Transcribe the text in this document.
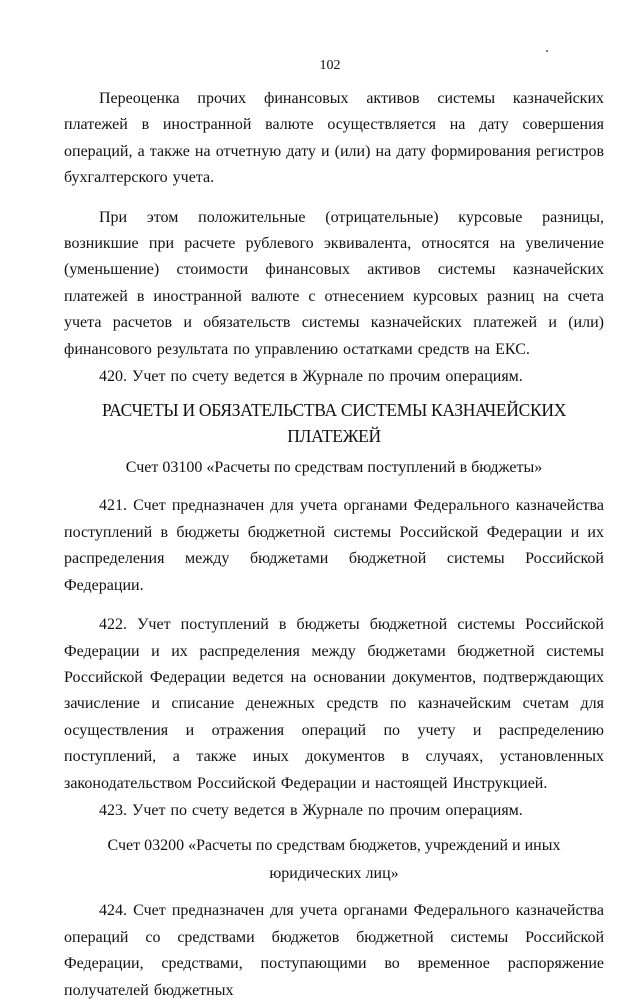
102

Переоценка прочих финансовых активов системы казначейских платежей в иностранной валюте осуществляется на дату совершения операций, а также на отчетную дату и (или) на дату формирования регистров бухгалтерского учета.

При этом положительные (отрицательные) курсовые разницы, возникшие при расчете рублевого эквивалента, относятся на увеличение (уменьшение) стоимости финансовых активов системы казначейских платежей в иностранной валюте с отнесением курсовых разниц на счета учета расчетов и обязательств системы казначейских платежей и (или) финансового результата по управлению остатками средств на ЕКС.

420. Учет по счету ведется в Журнале по прочим операциям.

РАСЧЕТЫ И ОБЯЗАТЕЛЬСТВА СИСТЕМЫ КАЗНАЧЕЙСКИХ ПЛАТЕЖЕЙ
Счет 03100 «Расчеты по средствам поступлений в бюджеты»

421. Счет предназначен для учета органами Федерального казначейства поступлений в бюджеты бюджетной системы Российской Федерации и их распределения между бюджетами бюджетной системы Российской Федерации.

422. Учет поступлений в бюджеты бюджетной системы Российской Федерации и их распределения между бюджетами бюджетной системы Российской Федерации ведется на основании документов, подтверждающих зачисление и списание денежных средств по казначейским счетам для осуществления и отражения операций по учету и распределению поступлений, а также иных документов в случаях, установленных законодательством Российской Федерации и настоящей Инструкцией.

423. Учет по счету ведется в Журнале по прочим операциям.

Счет 03200 «Расчеты по средствам бюджетов, учреждений и иных
юридических лиц»

424. Счет предназначен для учета органами Федерального казначейства операций со средствами бюджетов бюджетной системы Российской Федерации, средствами, поступающими во временное распоряжение получателей бюджетных
